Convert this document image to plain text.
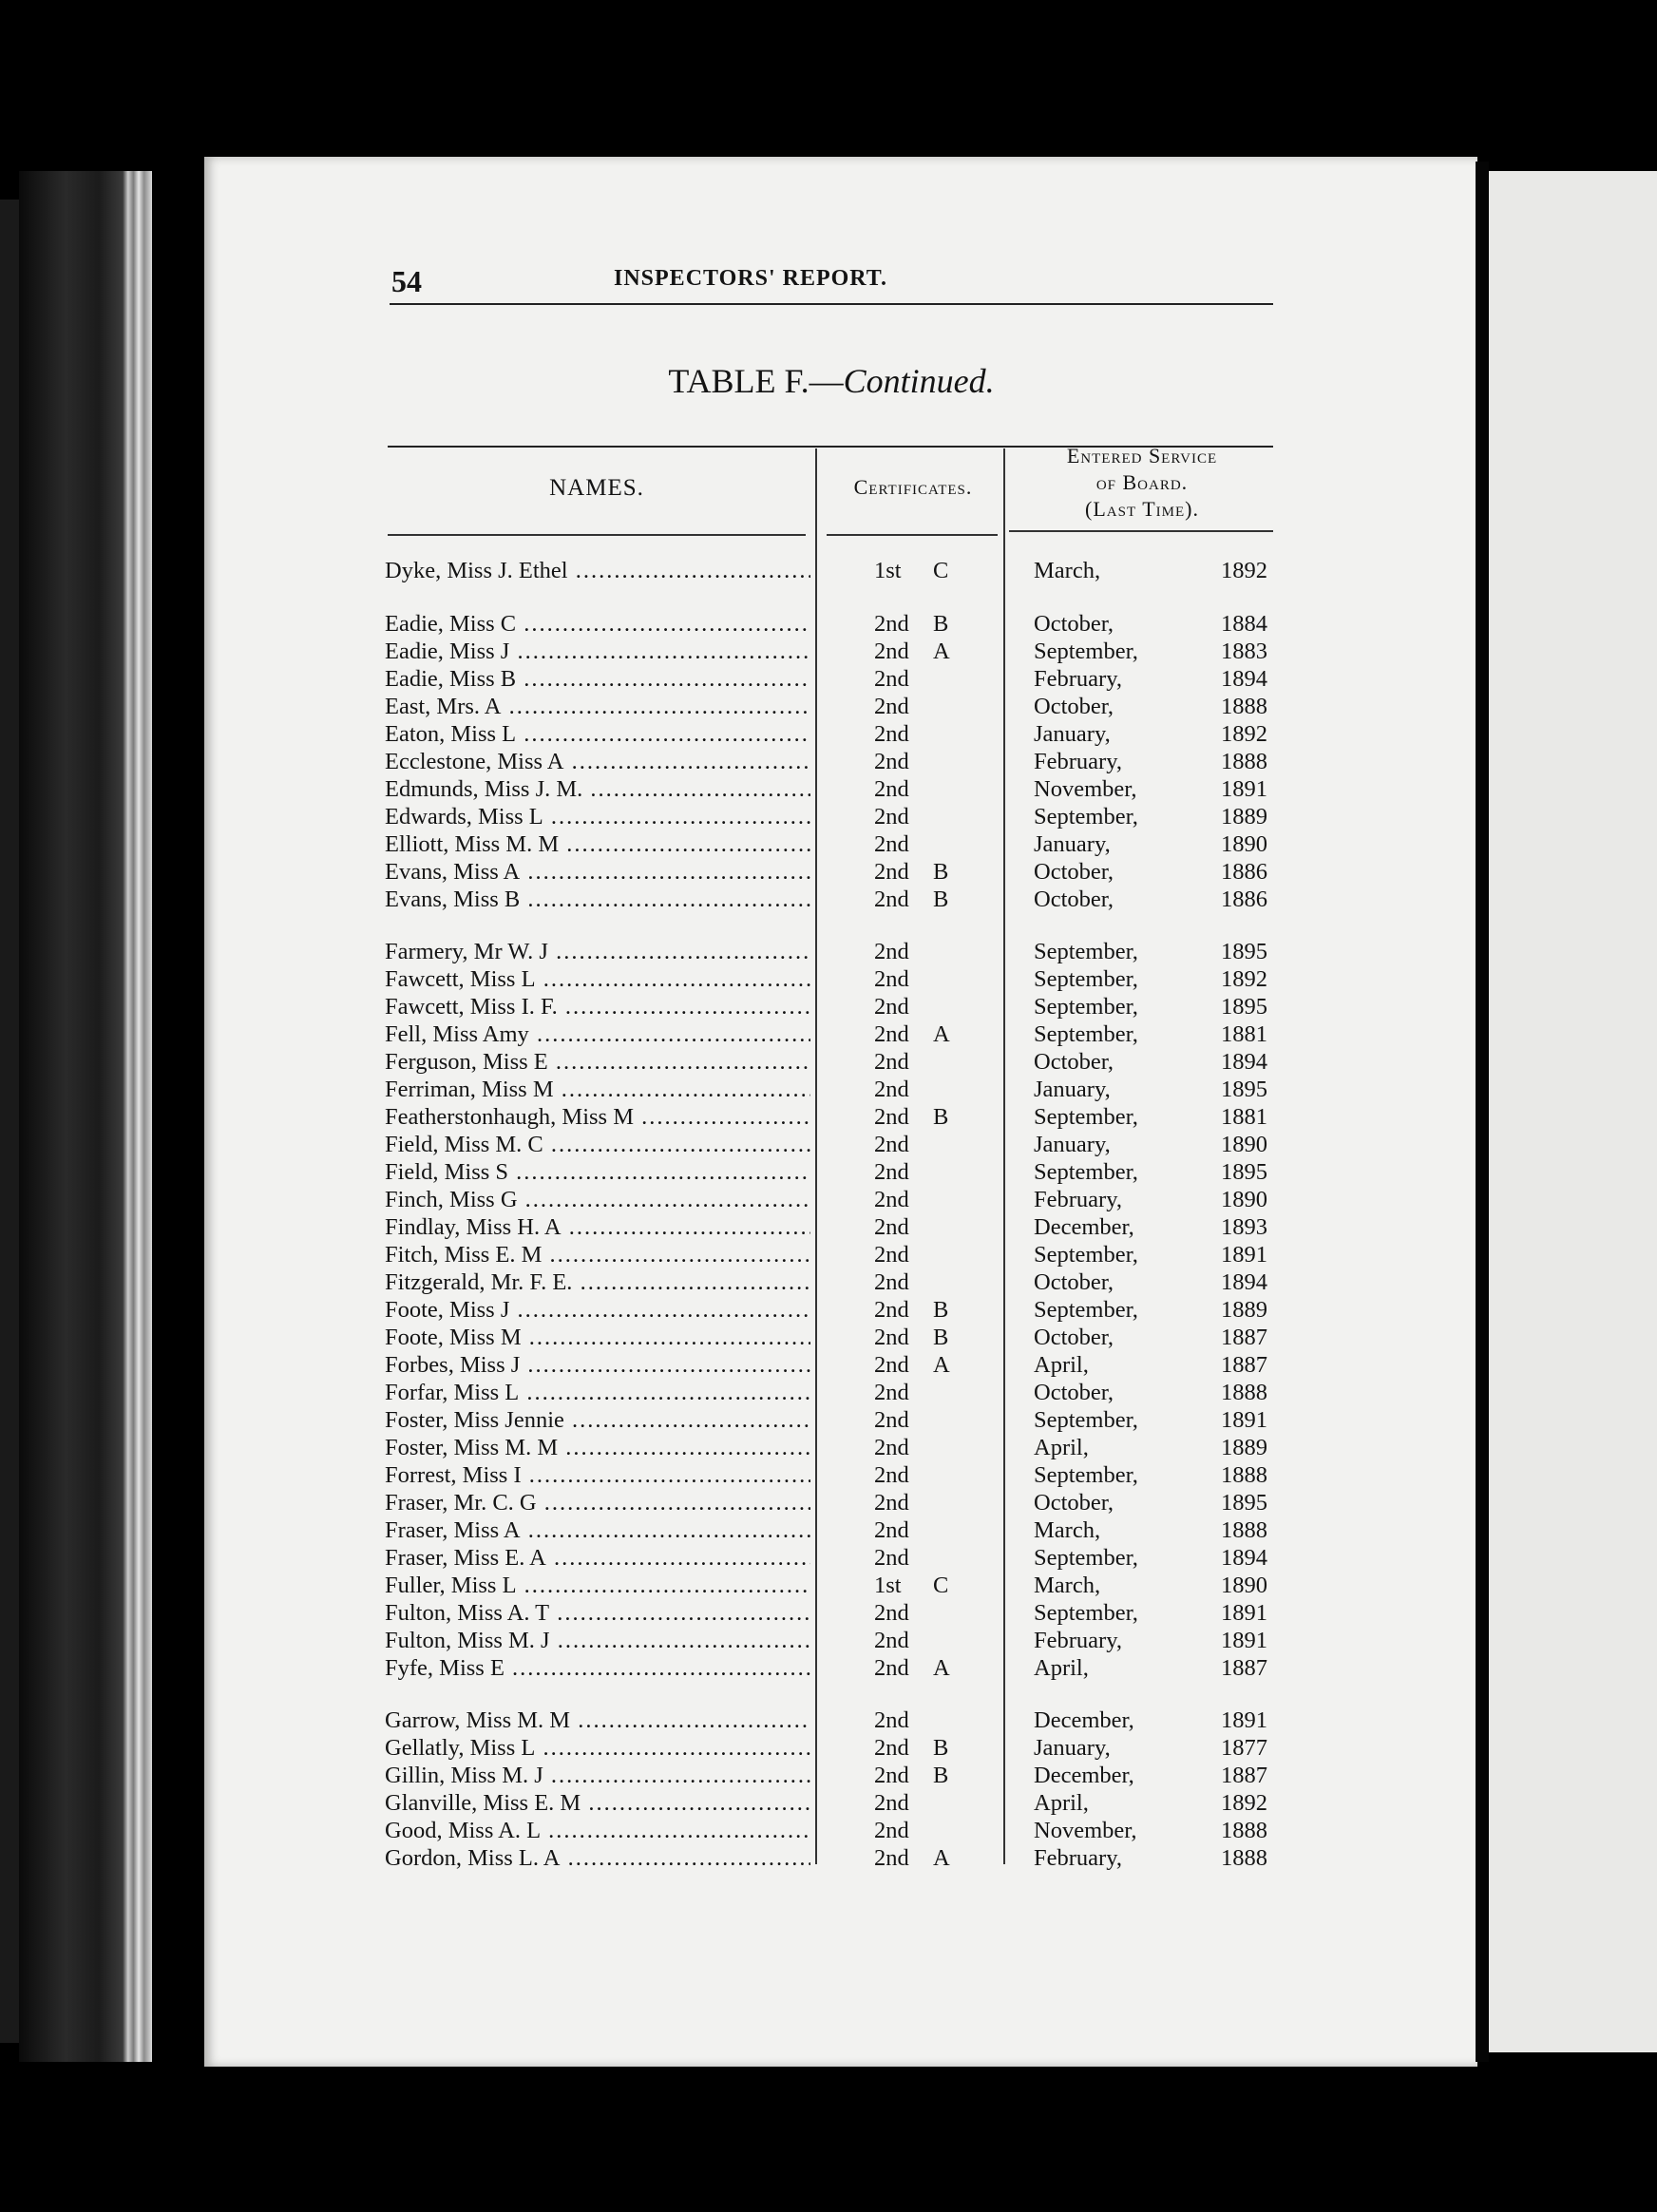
54	INSPECTORS' REPORT.
TABLE F.—Continued.
NAMES.	Certificates.
Entered Service
of Board.
(Last Time).
Dyke, Miss J. Ethel .....	1st	C	March,	1892
Eadie, Miss C .....	2nd	B	October,	1884
Eadie, Miss J .....	2nd	A	September,	1883
Eadie, Miss B .....	2nd	February,	1894
East, Mrs. A .....	2nd	October,	1888
Eaton, Miss L .....	2nd	January,	1892
Ecclestone, Miss A .....	2nd	February,	1888
Edmunds, Miss J. M. .....	2nd	November,	1891
Edwards, Miss L .....	2nd	September,	1889
Elliott, Miss M. M .....	2nd	January,	1890
Evans, Miss A .....	2nd	B	October,	1886
Evans, Miss B .....	2nd	B	October,	1886
Farmery, Mr W. J .....	2nd	September,	1895
Fawcett, Miss L .....	2nd	September,	1892
Fawcett, Miss I. F. .....	2nd	September,	1895
Fell, Miss Amy .....	2nd	A	September,	1881
Ferguson, Miss E .....	2nd	October,	1894
Ferriman, Miss M .....	2nd	January,	1895
Featherstonhaugh, Miss M .....	2nd	B	September,	1881
Field, Miss M. C .....	2nd	January,	1890
Field, Miss S .....	2nd	September,	1895
Finch, Miss G .....	2nd	February,	1890
Findlay, Miss H. A .....	2nd	December,	1893
Fitch, Miss E. M .....	2nd	September,	1891
Fitzgerald, Mr. F. E. .....	2nd	October,	1894
Foote, Miss J .....	2nd	B	September,	1889
Foote, Miss M .....	2nd	B	October,	1887
Forbes, Miss J .....	2nd	A	April,	1887
Forfar, Miss L .....	2nd	October,	1888
Foster, Miss Jennie .....	2nd	September,	1891
Foster, Miss M. M .....	2nd	April,	1889
Forrest, Miss I .....	2nd	September,	1888
Fraser, Mr. C. G .....	2nd	October,	1895
Fraser, Miss A .....	2nd	March,	1888
Fraser, Miss E. A .....	2nd	September,	1894
Fuller, Miss L .....	1st	C	March,	1890
Fulton, Miss A. T .....	2nd	September,	1891
Fulton, Miss M. J .....	2nd	February,	1891
Fyfe, Miss E .....	2nd	A	April,	1887
Garrow, Miss M. M .....	2nd	December,	1891
Gellatly, Miss L .....	2nd	B	January,	1877
Gillin, Miss M. J .....	2nd	B	December,	1887
Glanville, Miss E. M .....	2nd	April,	1892
Good, Miss A. L .....	2nd	November,	1888
Gordon, Miss L. A .....	2nd	A	February,	1888
